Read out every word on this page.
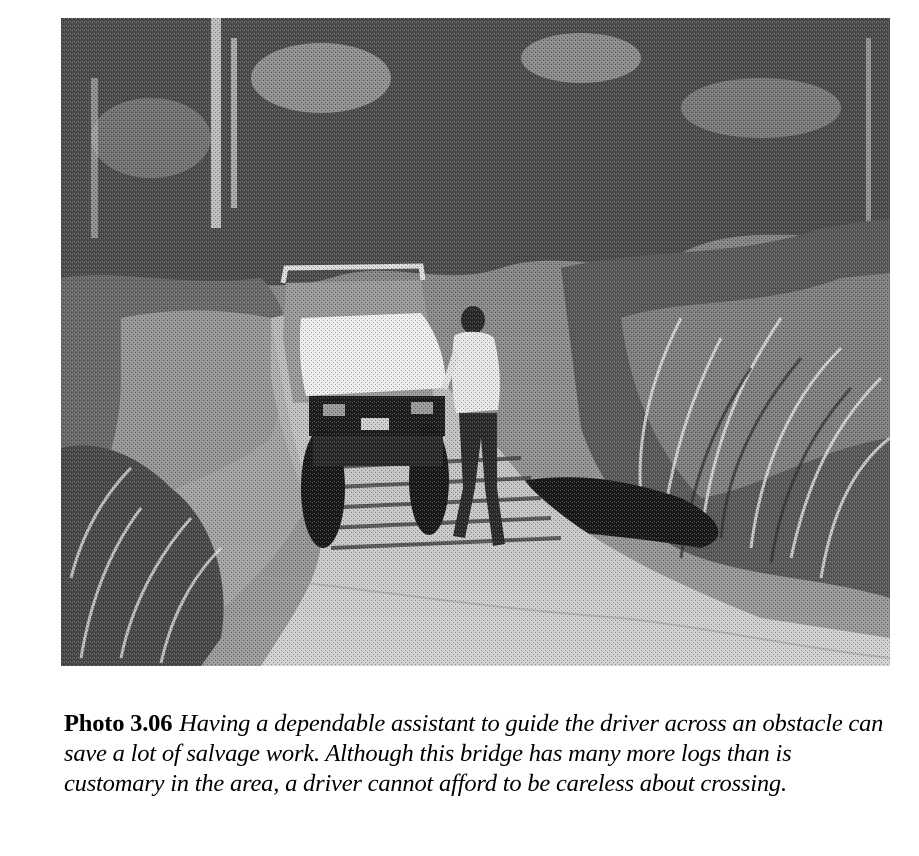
Photo 3.06 Having a dependable assistant to guide the driver across an obstacle can save a lot of salvage work. Although this bridge has many more logs than is customary in the area, a driver cannot afford to be careless about crossing.
